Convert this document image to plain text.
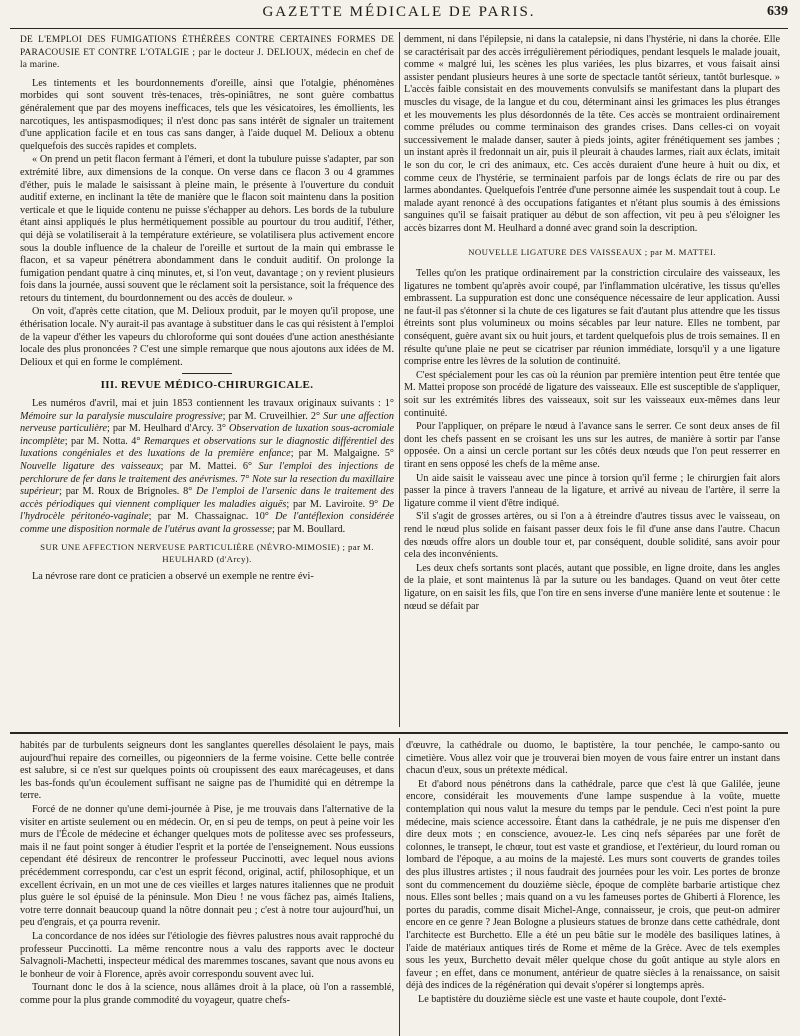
GAZETTE MÉDICALE DE PARIS.	639

DE L'EMPLOI DES FUMIGATIONS ÉTHÉRÉES CONTRE CERTAINES FORMES DE PARACOUSIE ET CONTRE L'OTALGIE ; par le docteur J. DELIOUX, médecin en chef de la marine.

Les tintements et les bourdonnements d'oreille, ainsi que l'otalgie, phénomènes morbides qui sont souvent très-tenaces, très-opiniâtres, ne sont guère combattus généralement que par des moyens inefficaces, tels que les vésicatoires, les émollients, les narcotiques, les antispasmodiques; il n'est donc pas sans intérêt de signaler un traitement d'une application facile et en tous cas sans danger, à l'aide duquel M. Delioux a obtenu quelquefois des succès rapides et complets.

« On prend un petit flacon fermant à l'émeri, et dont la tubulure puisse s'adapter, par son extrémité libre, aux dimensions de la conque. On verse dans ce flacon 3 ou 4 grammes d'éther, puis le malade le saisissant à pleine main, le présente à l'ouverture du conduit auditif externe, en inclinant la tête de manière que le flacon soit maintenu dans la position verticale et que le liquide contenu ne puisse s'échapper au dehors. Les bords de la tubulure étant ainsi appliqués le plus hermétiquement possible au pourtour du trou auditif, l'éther, qui déjà se volatiliserait à la température extérieure, se volatilisera plus activement encore sous la double influence de la chaleur de l'oreille et surtout de la main qui embrasse le flacon, et sa vapeur pénétrera abondamment dans le conduit auditif. On prolonge la fumigation pendant quatre à cinq minutes, et, si l'on veut, davantage ; on y revient plusieurs fois dans la journée, aussi souvent que le réclament soit la persistance, soit la fréquence des retours du tintement, du bourdonnement ou des accès de douleur. »

On voit, d'après cette citation, que M. Delioux produit, par le moyen qu'il propose, une éthérisation locale. N'y aurait-il pas avantage à substituer dans le cas qui résistent à l'emploi de la vapeur d'éther les vapeurs du chloroforme qui sont douées d'une action anesthésiante locale des plus prononcées ? C'est une simple remarque que nous ajoutons aux idées de M. Delioux et qui en forme le complément.

III. REVUE MÉDICO-CHIRURGICALE.

Les numéros d'avril, mai et juin 1853 contiennent les travaux originaux suivants : 1° Mémoire sur la paralysie musculaire progressive; par M. Cruveilhier. 2° Sur une affection nerveuse particulière; par M. Heulhard d'Arcy. 3° Observation de luxation sous-acromiale incomplète; par M. Notta. 4° Remarques et observations sur le diagnostic différentiel des luxations congéniales et des luxations de la première enfance; par M. Malgaigne. 5° Nouvelle ligature des vaisseaux; par M. Mattei. 6° Sur l'emploi des injections de perchlorure de fer dans le traitement des anévrismes. 7° Note sur la resection du maxillaire supérieur; par M. Roux de Brignoles. 8° De l'emploi de l'arsenic dans le traitement des accès périodiques qui viennent compliquer les maladies aiguës; par M. Laviroite. 9° De l'hydrocèle péritonéo-vaginale; par M. Chassaignac. 10° De l'antéflexion considérée comme une disposition normale de l'utérus avant la grossesse; par M. Boullard.

SUR UNE AFFECTION NERVEUSE PARTICULIÈRE (NÉVRO-MIMOSIE) ; par M. HEULHARD (d'Arcy).

La névrose rare dont ce praticien a observé un exemple ne rentre évi-

demment, ni dans l'épilepsie, ni dans la catalepsie, ni dans l'hystérie, ni dans la chorée. Elle se caractérisait par des accès irrégulièrement périodiques, pendant lesquels le malade jouait, comme « malgré lui, les scènes les plus variées, les plus bizarres, et vous faisait ainsi assister pendant plusieurs heures à une sorte de spectacle tantôt sérieux, tantôt burlesque. » L'accès faible consistait en des mouvements convulsifs se manifestant dans la plupart des muscles du visage, de la langue et du cou, déterminant ainsi les grimaces les plus étranges et les mouvements les plus désordonnés de la tête. Ces accès se montraient ordinairement comme préludes ou comme terminaison des grandes crises. Dans celles-ci on voyait successivement le malade danser, sauter à pieds joints, agiter frénétiquement ses jambes ; un instant après il fredonnait un air, puis il pleurait à chaudes larmes, riait aux éclats, imitait le son du cor, le cri des animaux, etc. Ces accès duraient d'une heure à huit ou dix, et comme ceux de l'hystérie, se terminaient parfois par de longs éclats de rire ou par des larmes abondantes. Quelquefois l'entrée d'une personne aimée les suspendait tout à coup. Le malade ayant renoncé à des occupations fatigantes et n'étant plus soumis à des émissions sanguines qu'il se faisait pratiquer au début de son affection, vit peu à peu s'éloigner les accès bizarres dont M. Heulhard a donné avec grand soin la description.

NOUVELLE LIGATURE DES VAISSEAUX ; par M. MATTEI.

Telles qu'on les pratique ordinairement par la constriction circulaire des vaisseaux, les ligatures ne tombent qu'après avoir coupé, par l'inflammation ulcérative, les tissus qu'elles embrassent. La suppuration est donc une conséquence nécessaire de leur application. Aussi ne faut-il pas s'étonner si la chute de ces ligatures se fait d'autant plus attendre que les tissus étreints sont plus volumineux ou moins sécables par leur nature. Elles ne tombent, par conséquent, guère avant six ou huit jours, et tardent quelquefois plus de trois semaines. Il en résulte qu'une plaie ne peut se cicatriser par réunion immédiate, lorsqu'il y a une ligature comprise entre les lèvres de la solution de continuité.

C'est spécialement pour les cas où la réunion par première intention peut être tentée que M. Mattei propose son procédé de ligature des vaisseaux. Elle est susceptible de s'appliquer, soit sur les extrémités libres des vaisseaux, soit sur les vaisseaux eux-mêmes dans leur continuité.

Pour l'appliquer, on prépare le nœud à l'avance sans le serrer. Ce sont deux anses de fil dont les chefs passent en se croisant les uns sur les autres, de manière à sortir par l'anse opposée. On a ainsi un cercle portant sur les côtés deux nœuds que l'on peut resserrer en tirant en sens opposé les chefs de la même anse.

Un aide saisit le vaisseau avec une pince à torsion qu'il ferme ; le chirurgien fait alors passer la pince à travers l'anneau de la ligature, et arrivé au niveau de l'artère, il serre la ligature comme il vient d'être indiqué.

S'il s'agit de grosses artères, ou si l'on a à étreindre d'autres tissus avec le vaisseau, on rend le nœud plus solide en faisant passer deux fois le fil d'une anse dans l'autre. Chacun des nœuds offre alors un double tour et, par conséquent, double solidité, sans avoir pour cela des inconvénients.

Les deux chefs sortants sont placés, autant que possible, en ligne droite, dans les angles de la plaie, et sont maintenus là par la suture ou les bandages. Quand on veut ôter cette ligature, on en saisit les fils, que l'on tire en sens inverse d'une manière lente et soutenue : le nœud se défait par

habités par de turbulents seigneurs dont les sanglantes querelles désolaient le pays, mais aujourd'hui repaire des corneilles, ou pigeonniers de la ferme voisine. Cette belle contrée est salubre, si ce n'est sur quelques points où croupissent des eaux marécageuses, et dans les bas-fonds qu'un écoulement suffisant ne saigne pas de l'humidité qui en détrempe la terre.

Forcé de ne donner qu'une demi-journée à Pise, je me trouvais dans l'alternative de la visiter en artiste seulement ou en médecin. Or, en si peu de temps, on peut à peine voir les murs de l'École de médecine et échanger quelques mots de politesse avec ses professeurs, mais il ne faut point songer à étudier l'esprit et la portée de l'enseignement. Nous eussions cependant été désireux de rencontrer le professeur Puccinotti, avec lequel nous avions précédemment correspondu, car c'est un esprit fécond, original, actif, philosophique, et un excellent écrivain, en un mot une de ces vieilles et larges natures italiennes que ne produit plus guère le sol épuisé de la péninsule. Mon Dieu ! ne vous fâchez pas, aimés Italiens, votre terre donnait beaucoup quand la nôtre donnait peu ; c'est à notre tour aujourd'hui, un peu d'engrais, et ça pourra revenir.

La concordance de nos idées sur l'étiologie des fièvres palustres nous avait rapproché du professeur Puccinotti. La même rencontre nous a valu des rapports avec le docteur Salvagnoli-Machetti, inspecteur médical des maremmes toscanes, savant que nous avons eu le bonheur de voir à Florence, après avoir correspondu souvent avec lui.

Tournant donc le dos à la science, nous allâmes droit à la place, où l'on a rassemblé, comme pour la plus grande commodité du voyageur, quatre chefs-

d'œuvre, la cathédrale ou duomo, le baptistère, la tour penchée, le campo-santo ou cimetière. Vous allez voir que je trouverai bien moyen de vous faire entrer un instant dans chacun d'eux, sous un prétexte médical.

Et d'abord nous pénétrons dans la cathédrale, parce que c'est là que Galilée, jeune encore, considérait les mouvements d'une lampe suspendue à la voûte, muette contemplation qui nous valut la mesure du temps par le pendule. Ceci n'est point la pure médecine, mais science accessoire. Étant dans la cathédrale, je ne puis me dispenser d'en dire deux mots ; en conscience, avouez-le. Les cinq nefs séparées par une forêt de colonnes, le transept, le chœur, tout est vaste et grandiose, et l'extérieur, du lourd roman ou lombard de l'époque, a au moins de la majesté. Les murs sont couverts de grandes toiles des plus illustres artistes ; il nous faudrait des journées pour les voir. Les portes de bronze sont du commencement du douzième siècle, époque de complète barbarie artistique chez nous. Elles sont belles ; mais quand on a vu les fameuses portes de Ghiberti à Florence, les portes du paradis, comme disait Michel-Ange, connaisseur, je crois, que peut-on admirer encore en ce genre ? Jean Bologne a plusieurs statues de bronze dans cette cathédrale, dont l'architecte est Burchetto. Elle a été un peu bâtie sur le modèle des basiliques latines, à l'aide de matériaux antiques tirés de Rome et même de la Grèce. Avec de tels exemples sous les yeux, Burchetto devait mêler quelque chose du goût antique au style alors en faveur ; en effet, dans ce monument, antérieur de quatre siècles à la renaissance, on saisit déjà des indices de la régénération qui devait s'opérer si longtemps après.

Le baptistère du douzième siècle est une vaste et haute coupole, dont l'exté-
